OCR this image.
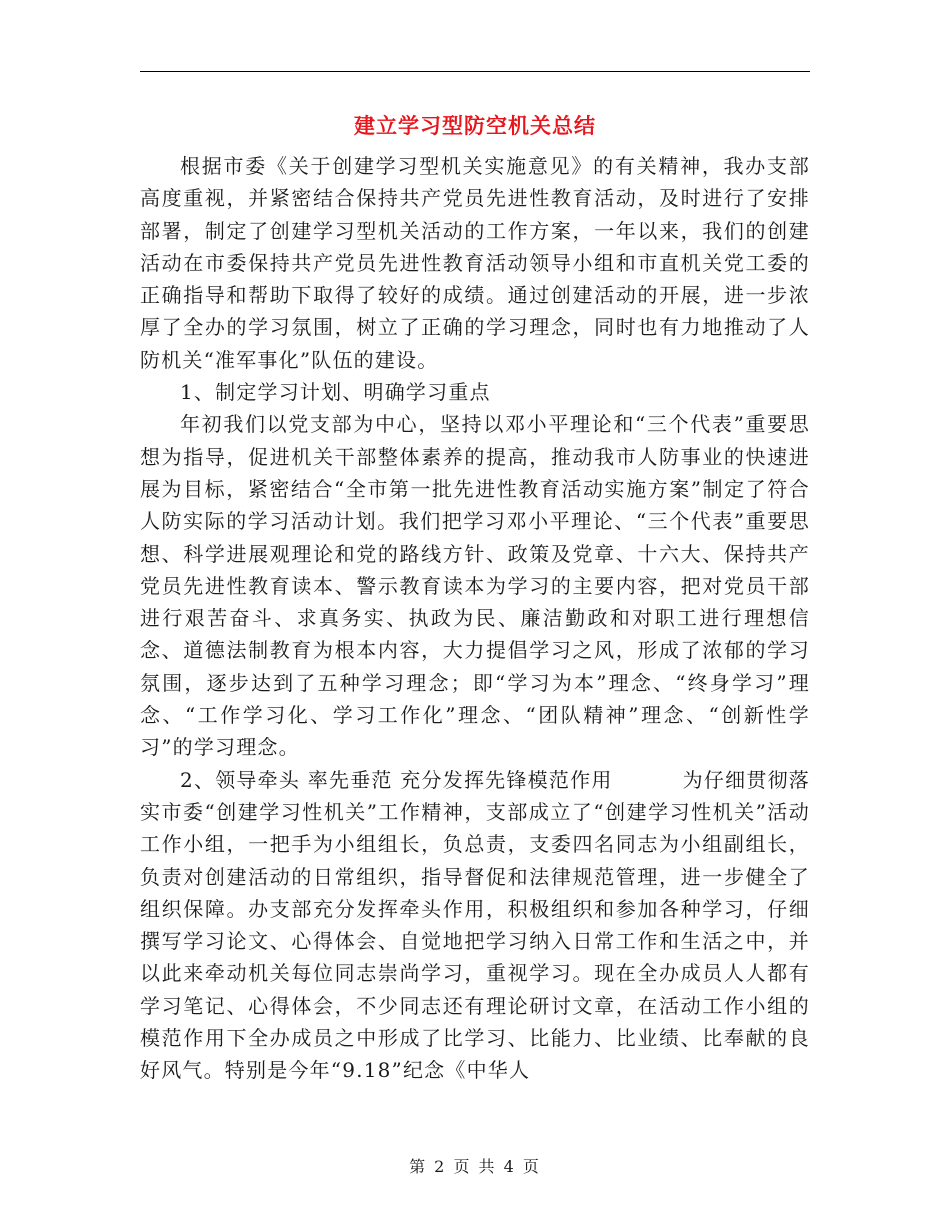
建立学习型防空机关总结

根据市委《关于创建学习型机关实施意见》的有关精神，我办支部高度重视，并紧密结合保持共产党员先进性教育活动，及时进行了安排部署，制定了创建学习型机关活动的工作方案，一年以来，我们的创建活动在市委保持共产党员先进性教育活动领导小组和市直机关党工委的正确指导和帮助下取得了较好的成绩。通过创建活动的开展，进一步浓厚了全办的学习氛围，树立了正确的学习理念，同时也有力地推动了人防机关“准军事化”队伍的建设。

1、制定学习计划、明确学习重点

年初我们以党支部为中心，坚持以邓小平理论和“三个代表”重要思想为指导，促进机关干部整体素养的提高，推动我市人防事业的快速进展为目标，紧密结合“全市第一批先进性教育活动实施方案”制定了符合人防实际的学习活动计划。我们把学习邓小平理论、“三个代表”重要思想、科学进展观理论和党的路线方针、政策及党章、十六大、保持共产党员先进性教育读本、警示教育读本为学习的主要内容，把对党员干部进行艰苦奋斗、求真务实、执政为民、廉洁勤政和对职工进行理想信念、道德法制教育为根本内容，大力提倡学习之风，形成了浓郁的学习氛围，逐步达到了五种学习理念；即“学习为本”理念、“终身学习”理念、“工作学习化、学习工作化”理念、“团队精神”理念、“创新性学习”的学习理念。

2、领导牵头 率先垂范 充分发挥先锋模范作用	为仔细贯彻落实市委“创建学习性机关”工作精神，支部成立了“创建学习性机关”活动工作小组，一把手为小组组长，负总责，支委四名同志为小组副组长，负责对创建活动的日常组织，指导督促和法律规范管理，进一步健全了组织保障。办支部充分发挥牵头作用，积极组织和参加各种学习，仔细撰写学习论文、心得体会、自觉地把学习纳入日常工作和生活之中，并以此来牵动机关每位同志崇尚学习，重视学习。现在全办成员人人都有学习笔记、心得体会，不少同志还有理论研讨文章，在活动工作小组的模范作用下全办成员之中形成了比学习、比能力、比业绩、比奉献的良好风气。特别是今年“9.18”纪念《中华人

第 2 页 共 4 页
